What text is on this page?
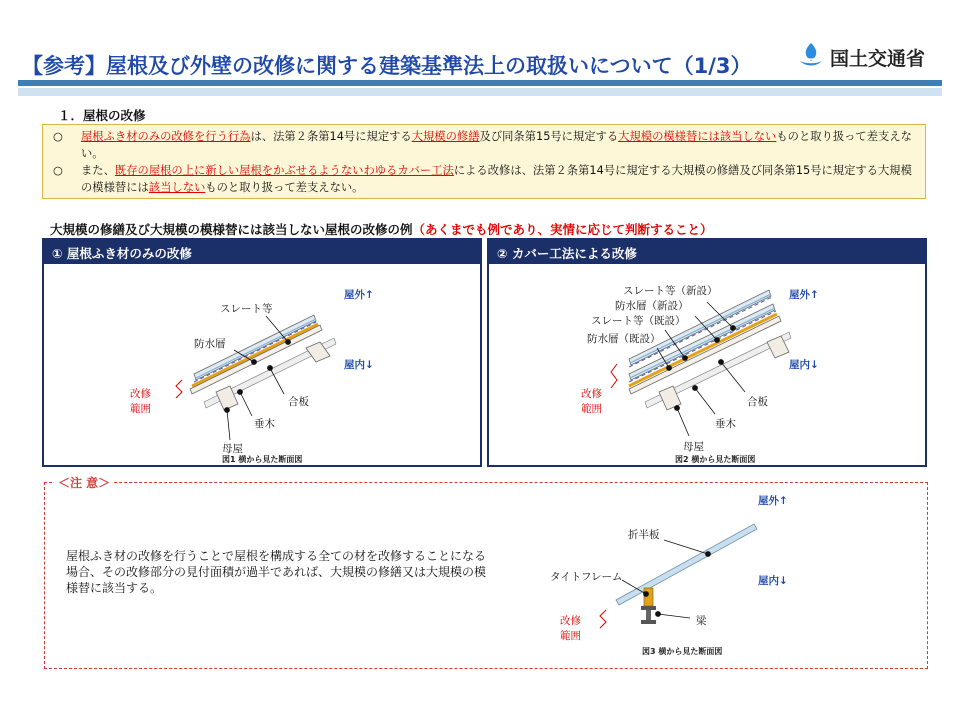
【参考】屋根及び外壁の改修に関する建築基準法上の取扱いについて（1/3）	国土交通省
１．屋根の改修

○ 屋根ふき材のみの改修を行う行為は、法第２条第14号に規定する大規模の修繕及び同条第15号に規定する大規模の模様替には該当しないものと取り扱って差支えない。

○ また、既存の屋根の上に新しい屋根をかぶせるようないわゆるカバー工法による改修は、法第２条第14号に規定する大規模の修繕及び同条第15号に規定する大規模の模様替には該当しないものと取り扱って差支えない。

大規模の修繕及び大規模の模様替には該当しない屋根の改修の例（あくまでも例であり、実情に応じて判断すること）
① 屋根ふき材のみの改修
屋外↑
屋内↓
スレート等
防水層
合板
垂木
母屋
改修
範囲
図1 横から見た断面図
② カバー工法による改修
屋外↑
屋内↓
スレート等（新設）
防水層（新設）
スレート等（既設）
防水層（既設）
合板
垂木
母屋
改修
範囲
図2 横から見た断面図
＜注 意＞
屋根ふき材の改修を行うことで屋根を構成する全ての材を改修することになる場合、その改修部分の見付面積が過半であれば、大規模の修繕又は大規模の模様替に該当する。
屋外↑
屋内↓
折半板
タイトフレーム
梁
改修
範囲
図3 横から見た断面図
